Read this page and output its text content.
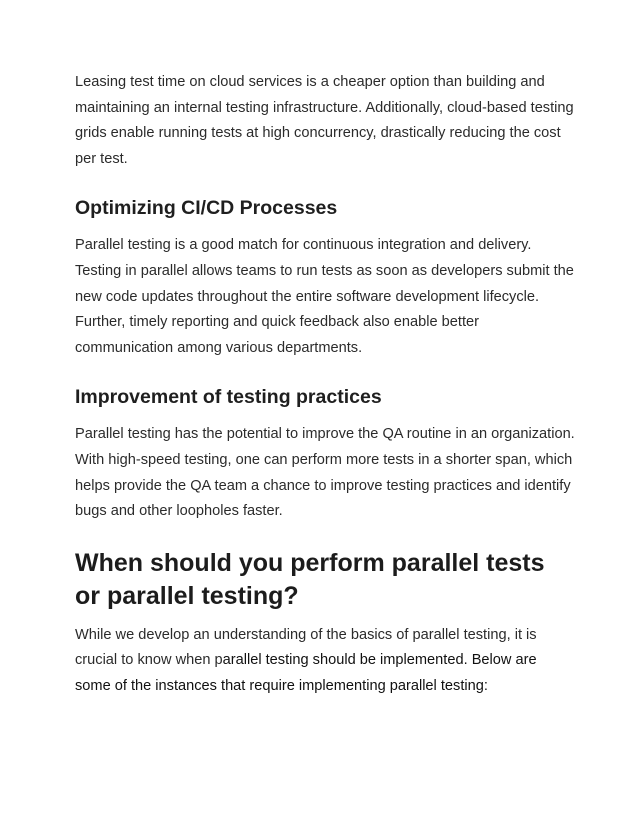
Leasing test time on cloud services is a cheaper option than building and maintaining an internal testing infrastructure. Additionally, cloud-based testing grids enable running tests at high concurrency, drastically reducing the cost per test.

Optimizing CI/CD Processes

Parallel testing is a good match for continuous integration and delivery. Testing in parallel allows teams to run tests as soon as developers submit the new code updates throughout the entire software development lifecycle. Further, timely reporting and quick feedback also enable better communication among various departments.

Improvement of testing practices

Parallel testing has the potential to improve the QA routine in an organization. With high-speed testing, one can perform more tests in a shorter span, which helps provide the QA team a chance to improve testing practices and identify bugs and other loopholes faster.

When should you perform parallel tests or parallel testing?

While we develop an understanding of the basics of parallel testing, it is crucial to know when parallel testing should be implemented. Below are some of the instances that require implementing parallel testing:
